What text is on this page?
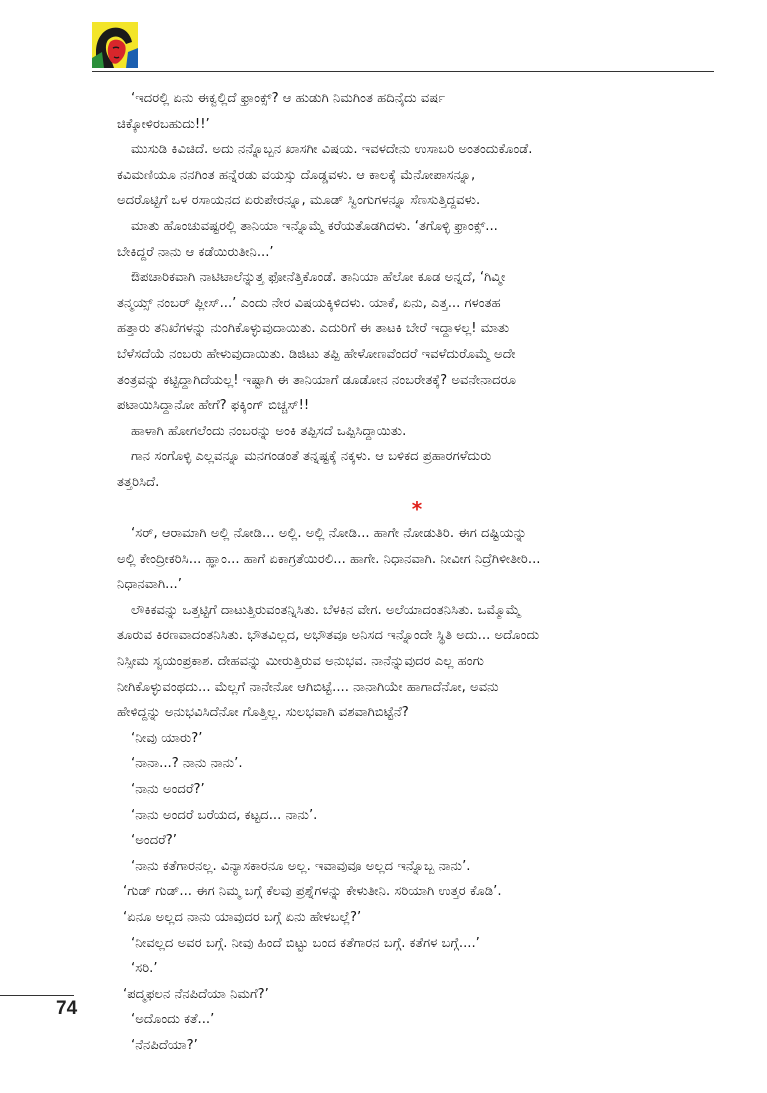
‘ಇದರಲ್ಲಿ ಏನು ಈಕ್ವಲ್ಲಿದೆ ಫ್ರಾಂಕ್ಸ್? ಆ ಹುಡುಗಿ ನಿಮಗಿಂತ ಹದಿನೈದು ವರ್ಷ

ಚಿಕ್ಕೋಳಿರಬಹುದು!!’

ಮುಸುಡಿ ಕಿವಿಚಿದೆ. ಅದು ನನ್ನೊಬ್ಬನ ಖಾಸಗೀ ವಿಷಯ. ಇವಳದೇನು ಉಸಾಬರಿ ಅಂತಂದುಕೊಂಡೆ.

ಕವಿಮಣಿಯೂ ನನಗಿಂತ ಹನ್ನೆರಡು ವಯಸ್ಸು ದೊಡ್ಡವಳು. ಆ ಕಾಲಕ್ಕೆ ಮೆನೋಪಾಸನ್ನೂ,

ಅದರೊಟ್ಟಿಗೆ ಒಳ ರಸಾಯನದ ಏರುಪೇರನ್ನೂ, ಮೂಡ್ ಸ್ವಿಂಗುಗಳನ್ನೂ ಸೆಣಸುತ್ತಿದ್ದವಳು.

ಮಾತು ಹೊಂಚುವಷ್ಟರಲ್ಲಿ ತಾನಿಯಾ ಇನ್ನೊಮ್ಮೆ ಕರೆಯತೊಡಗಿದಳು. ‘ತಗೊಳ್ಳಿ ಫ್ರಾಂಕ್ಸ್...

ಬೇಕಿದ್ದರೆ ನಾನು ಆ ಕಡೆಯಿರುತೀನಿ...’

ಔಪಚಾರಿಕವಾಗಿ ನಾಟಿಟಾಲೆನ್ನುತ್ತ ಫೋನೆತ್ತಿಕೊಂಡೆ. ತಾನಿಯಾ ಹೆಲೋ ಕೂಡ ಅನ್ನದೆ, ‘ಗಿವ್ಮೀ

ತನ್ಮಯ್ಸ್ ನಂಬರ್ ಪ್ಲೀಸ್...’ ಎಂದು ನೇರ ವಿಷಯಕ್ಕಿಳಿದಳು. ಯಾಕೆ, ಏನು, ಎತ್ತ... ಗಳಂತಹ

ಹತ್ತಾರು ತನಿಖೆಗಳನ್ನು ನುಂಗಿಕೊಳ್ಳುವುದಾಯಿತು. ಎದುರಿಗೆ ಈ ತಾಟಕಿ ಬೇರೆ ಇದ್ದಾಳಲ್ಲ! ಮಾತು

ಬೆಳೆಸದೆಯೆ ನಂಬರು ಹೇಳುವುದಾಯಿತು. ಡಿಜಿಟು ತಪ್ಪಿ ಹೇಳೋಣವೆಂದರೆ ಇವಳೆದುರೊಮ್ಮೆ ಅದೇ

ತಂತ್ರವನ್ನು ಕಟ್ಟಿದ್ದಾಗಿದೆಯಲ್ಲ! ಇಷ್ಟಾಗಿ ಈ ತಾನಿಯಾಗೆ ಡೂಡೋನ ನಂಬರೇತಕ್ಕೆ? ಅವನೇನಾದರೂ

ಪಟಾಯಿಸಿದ್ದಾನೋ ಹೇಗೆ? ಫಕ್ಕಿಂಗ್ ಬಿಚ್ಚಸ್!!

ಹಾಳಾಗಿ ಹೋಗಲೆಂದು ನಂಬರನ್ನು ಅಂಕಿ ತಪ್ಪಿಸದೆ ಒಪ್ಪಿಸಿದ್ದಾಯಿತು.

ಗಾನ ಸಂಗೊಳ್ಳಿ ಎಲ್ಲವನ್ನೂ ಮನಗಂಡಂತೆ ತನ್ನಷ್ಟಕ್ಕೆ ನಕ್ಕಳು. ಆ ಬಳಿಕದ ಪ್ರಹಾರಗಳೆದುರು

ತತ್ತರಿಸಿದೆ.

*

‘ಸರ್, ಆರಾಮಾಗಿ ಅಲ್ಲಿ ನೋಡಿ... ಅಲ್ಲಿ. ಅಲ್ಲಿ ನೋಡಿ... ಹಾಗೇ ನೋಡುತಿರಿ. ಈಗ ದಷ್ಟಿಯನ್ನು

ಅಲ್ಲಿ ಕೇಂದ್ರೀಕರಿಸಿ... ಹ್ಞಾಂ... ಹಾಗೆ ಏಕಾಗ್ರತೆಯಿರಲಿ... ಹಾಗೇ. ನಿಧಾನವಾಗಿ. ನೀವೀಗ ನಿದ್ರೆಗಿಳೀತೀರಿ...

ನಿಧಾನವಾಗಿ...’

ಲೌಕಿಕವನ್ನು ಒತ್ತಟ್ಟಿಗೆ ದಾಟುತ್ತಿರುವಂತನ್ನಿಸಿತು. ಬೆಳಕಿನ ವೇಗ. ಅಲೆಯಾದಂತನಿಸಿತು. ಒಮ್ಮೊಮ್ಮೆ

ತೂರುವ ಕಿರಣವಾದಂತನಿಸಿತು. ಭೌತವಿಲ್ಲದ, ಅಭೌತವೂ ಅನಿಸದ ಇನ್ನೊಂದೇ ಸ್ಥಿತಿ ಅದು... ಅದೊಂದು

ನಿಸ್ಸೀಮ ಸ್ವಯಂಪ್ರಕಾಶ. ದೇಹವನ್ನು ಮೀರುತ್ತಿರುವ ಅನುಭವ. ನಾನೆನ್ನುವುದರ ಎಲ್ಲ ಹಂಗು

ನೀಗಿಕೊಳ್ಳುವಂಥದು... ಮೆಲ್ಲಗೆ ನಾನೇನೋ ಆಗಿಬಿಟ್ಟೆ.... ನಾನಾಗಿಯೇ ಹಾಗಾದೆನೋ, ಅವನು

ಹೇಳಿದ್ದನ್ನು ಅನುಭವಿಸಿದೆನೋ ಗೊತ್ತಿಲ್ಲ. ಸುಲಭವಾಗಿ ವಶವಾಗಿಬಿಟ್ಟೆನೆ?

‘ನೀವು ಯಾರು?’

‘ನಾನಾ...? ನಾನು ನಾನು’.

‘ನಾನು ಅಂದರೆ?’

‘ನಾನು ಅಂದರೆ ಬರೆಯದ, ಕಟ್ಟದ... ನಾನು’.

‘ಅಂದರೆ?’

‘ನಾನು ಕತೆಗಾರನಲ್ಲ. ವಿನ್ಯಾಸಕಾರನೂ ಅಲ್ಲ. ಇವಾವುವೂ ಅಲ್ಲದ ಇನ್ನೊಬ್ಬ ನಾನು’.

‘ಗುಡ್ ಗುಡ್... ಈಗ ನಿಮ್ಮ ಬಗ್ಗೆ ಕೆಲವು ಪ್ರಶ್ನೆಗಳನ್ನು ಕೇಳುತೀನಿ. ಸರಿಯಾಗಿ ಉತ್ತರ ಕೊಡಿ’.

‘ಏನೂ ಅಲ್ಲದ ನಾನು ಯಾವುದರ ಬಗ್ಗೆ ಏನು ಹೇಳಬಲ್ಲೆ?’

‘ನೀವಲ್ಲದ ಅವರ ಬಗ್ಗೆ. ನೀವು ಹಿಂದೆ ಬಿಟ್ಟು ಬಂದ ಕತೆಗಾರನ ಬಗ್ಗೆ. ಕತೆಗಳ ಬಗ್ಗೆ....’

‘ಸರಿ.’

‘ಪದ್ಮಫಲನ ನೆನಪಿದೆಯಾ ನಿಮಗೆ?’

‘ಅದೊಂದು ಕತೆ...’

‘ನೆನಪಿದೆಯಾ?’

74
